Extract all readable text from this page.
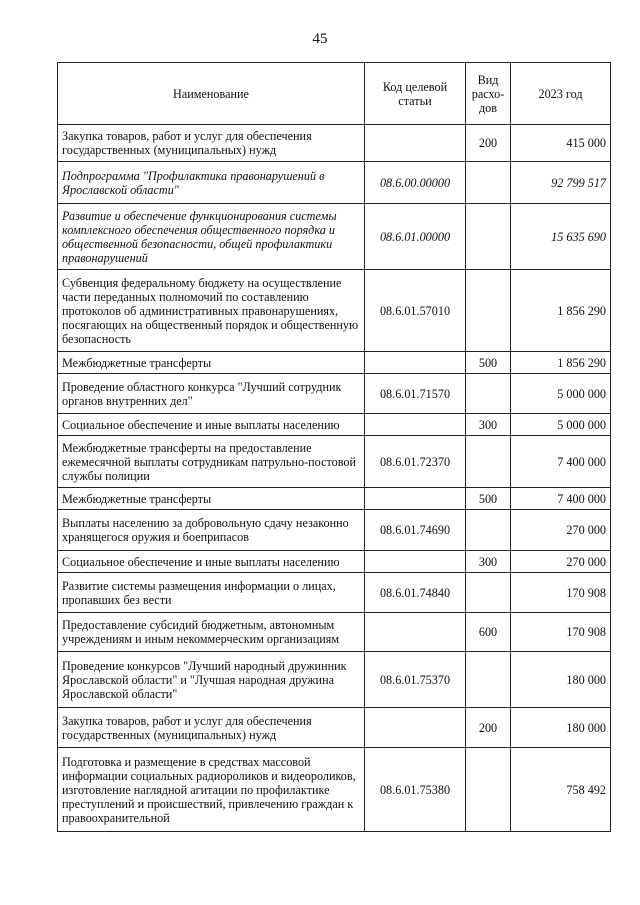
45
Наименование	Код целевой статьи	Вид расхо-дов	2023 год
Закупка товаров, работ и услуг для обеспечения государственных (муниципальных) нужд		200	415 000
Подпрограмма "Профилактика правонарушений в Ярославской области"	08.6.00.00000		92 799 517
Развитие и обеспечение функционирования системы комплексного обеспечения общественного порядка и общественной безопасности, общей профилактики правонарушений	08.6.01.00000		15 635 690
Субвенция федеральному бюджету на осуществление части переданных полномочий по составлению протоколов об административных правонарушениях, посягающих на общественный порядок и общественную безопасность	08.6.01.57010		1 856 290
Межбюджетные трансферты		500	1 856 290
Проведение областного конкурса "Лучший сотрудник органов внутренних дел"	08.6.01.71570		5 000 000
Социальное обеспечение и иные выплаты населению		300	5 000 000
Межбюджетные трансферты на предоставление ежемесячной выплаты сотрудникам патрульно-постовой службы полиции	08.6.01.72370		7 400 000
Межбюджетные трансферты		500	7 400 000
Выплаты населению за добровольную сдачу незаконно хранящегося оружия и боеприпасов	08.6.01.74690		270 000
Социальное обеспечение и иные выплаты населению		300	270 000
Развитие системы размещения информации о лицах, пропавших без вести	08.6.01.74840		170 908
Предоставление субсидий бюджетным, автономным учреждениям и иным некоммерческим организациям		600	170 908
Проведение конкурсов "Лучший народный дружинник Ярославской области" и "Лучшая народная дружина Ярославской области"	08.6.01.75370		180 000
Закупка товаров, работ и услуг для обеспечения государственных (муниципальных) нужд		200	180 000
Подготовка и размещение в средствах массовой информации социальных радиороликов и видеороликов, изготовление наглядной агитации по профилактике преступлений и происшествий, привлечению граждан к правоохранительной	08.6.01.75380		758 492
